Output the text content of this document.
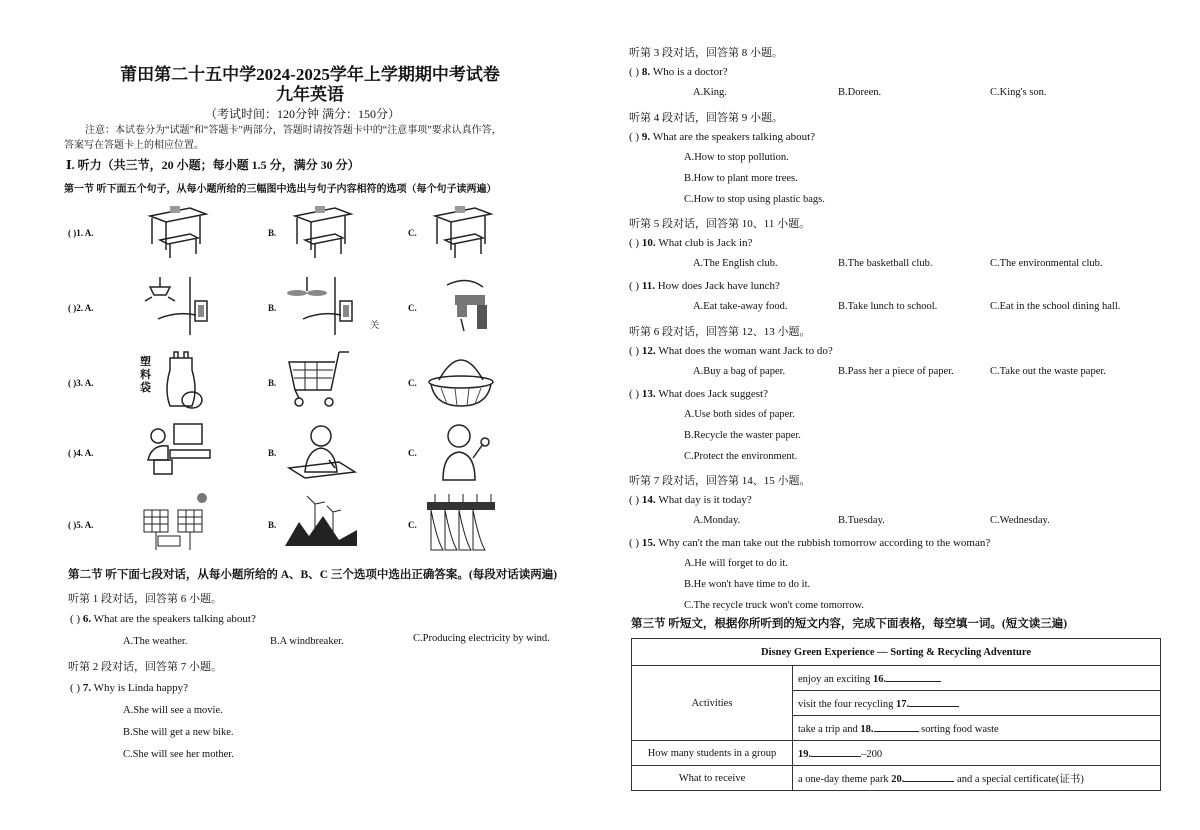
莆田第二十五中学2024-2025学年上学期期中考试卷
九年英语
（考试时间：120分钟 满分：150分）
注意：本试卷分为“试题”和“答题卡”两部分，答题时请按答题卡中的“注意事项”要求认真作答，
答案写在答题卡上的相应位置。
Ⅰ. 听力（共三节，20 小题；每小题 1.5 分，满分 30 分）
第一节 听下面五个句子，从每小题所给的三幅图中选出与句子内容相符的选项（每个句子读两遍）
( )1. A.	B.	C.
( )2. A.	B.	C.
( )3. A.	B.	C.
( )4. A.	B.	C.
( )5. A.	B.	C.
塑料袋
关
第二节 听下面七段对话，从每小题所给的 A、B、C 三个选项中选出正确答案。(每段对话读两遍)
听第 1 段对话，回答第 6 小题。
( ) 6. What are the speakers talking about?
A.The weather.	B.A windbreaker.	C.Producing electricity by wind.
听第 2 段对话，回答第 7 小题。
( ) 7. Why is Linda happy?
A.She will see a movie.
B.She will get a new bike.
C.She will see her mother.
听第 3 段对话，回答第 8 小题。
( ) 8. Who is a doctor?
A.King.	B.Doreen.	C.King's son.
听第 4 段对话，回答第 9 小题。
( ) 9. What are the speakers talking about?
A.How to stop pollution.
B.How to plant more trees.
C.How to stop using plastic bags.
听第 5 段对话，回答第 10、11 小题。
( ) 10. What club is Jack in?
A.The English club.	B.The basketball club.	C.The environmental club.
( ) 11. How does Jack have lunch?
A.Eat take-away food.	B.Take lunch to school.	C.Eat in the school dining hall.
听第 6 段对话，回答第 12、13 小题。
( ) 12. What does the woman want Jack to do?
A.Buy a bag of paper.	B.Pass her a piece of paper.	C.Take out the waste paper.
( ) 13. What does Jack suggest?
A.Use both sides of paper.
B.Recycle the waster paper.
C.Protect the environment.
听第 7 段对话，回答第 14、15 小题。
( ) 14. What day is it today?
A.Monday.	B.Tuesday.	C.Wednesday.
( ) 15. Why can't the man take out the rubbish tomorrow according to the woman?
A.He will forget to do it.
B.He won't have time to do it.
C.The recycle truck won't come tomorrow.
第三节 听短文，根据你所听到的短文内容，完成下面表格，每空填一词。(短文读三遍)
Disney Green Experience — Sorting & Recycling Adventure	
Activities	enjoy an exciting 16.
	visit the four recycling 17.
	take a trip and 18. sorting food waste
How many students in a group	19. –200
What to receive	a one-day theme park 20. and a special certificate(证书)
